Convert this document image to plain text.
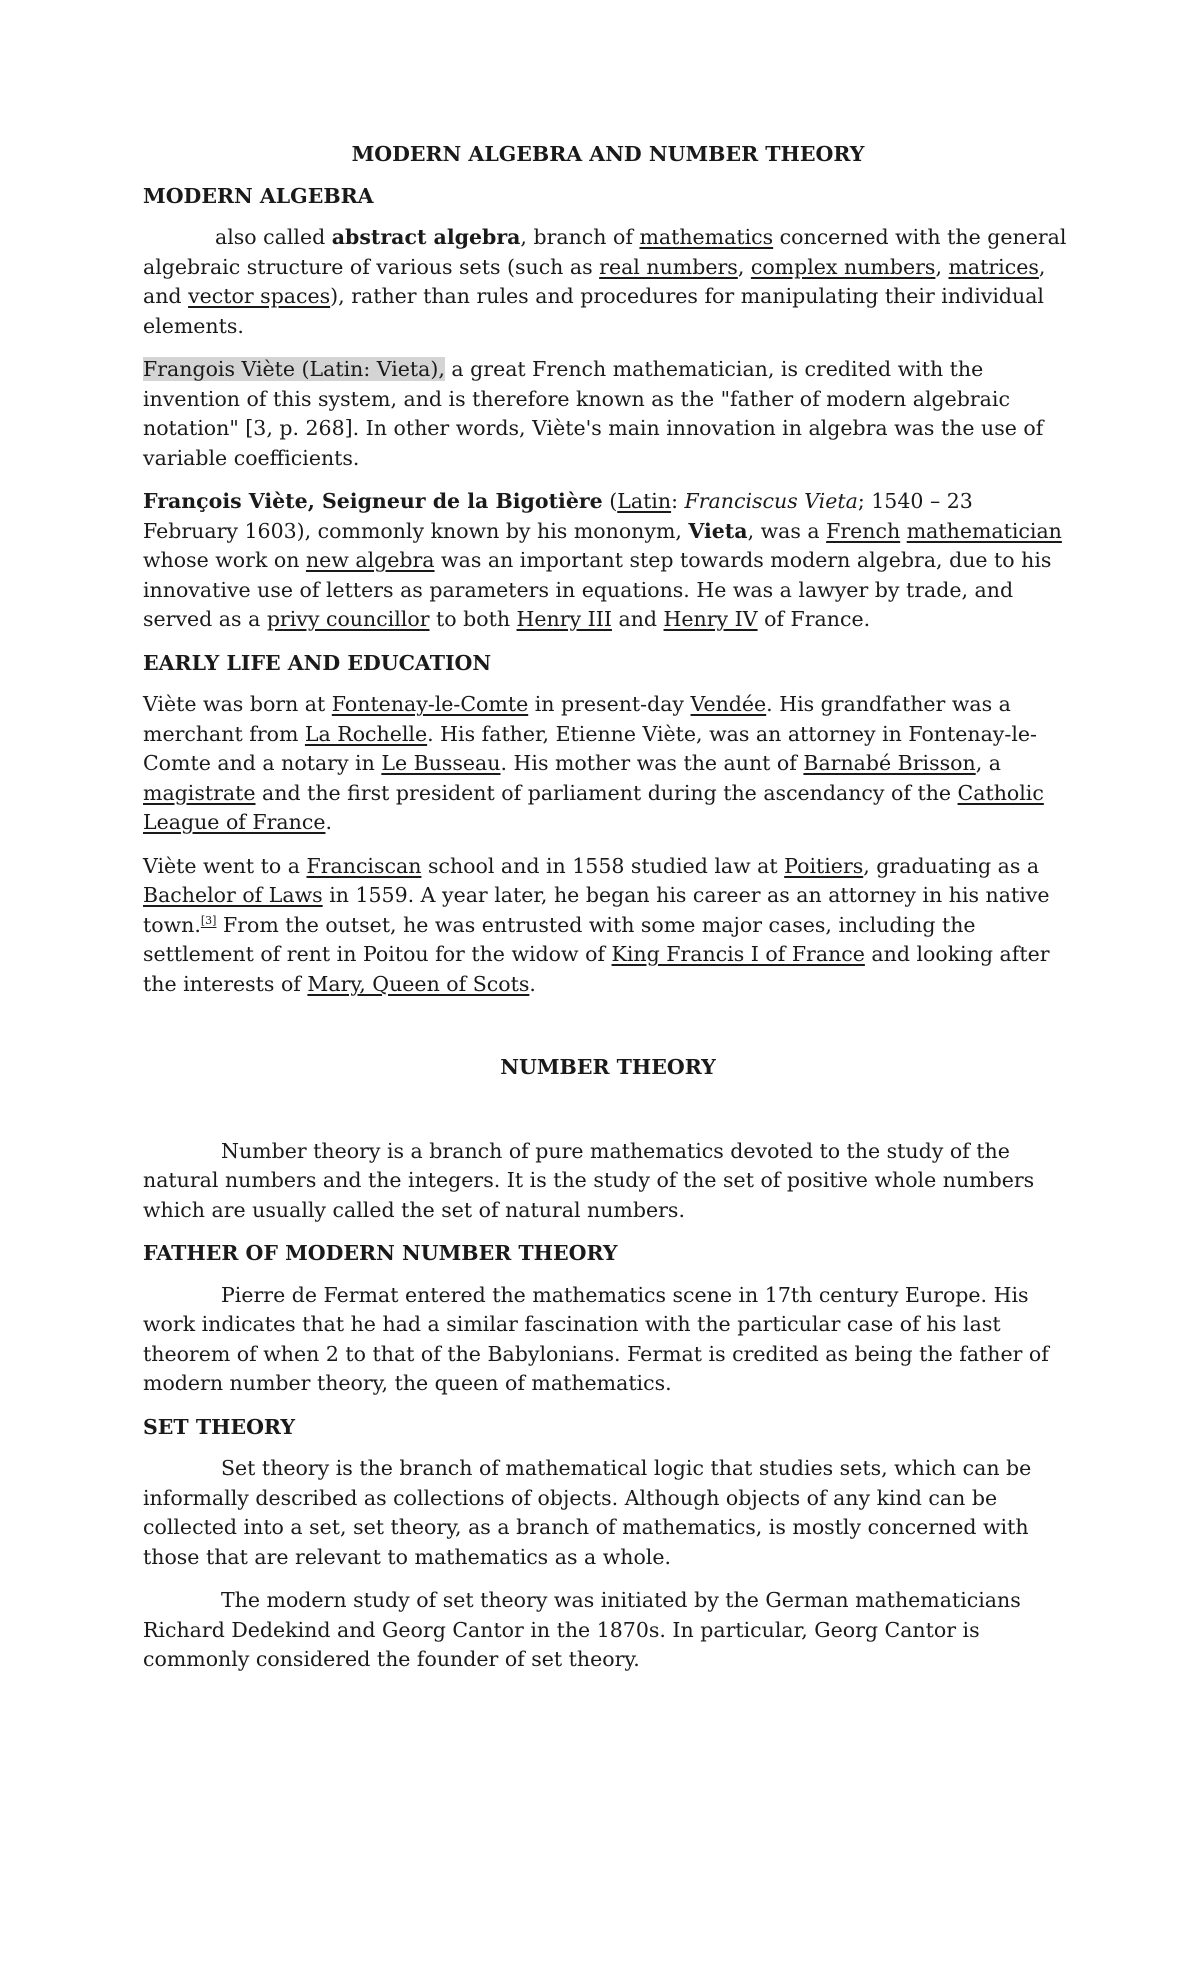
MODERN ALGEBRA AND NUMBER THEORY
MODERN ALGEBRA

also called abstract algebra, branch of mathematics concerned with the general algebraic structure of various sets (such as real numbers, complex numbers, matrices, and vector spaces), rather than rules and procedures for manipulating their individual elements.

Frangois Viète (Latin: Vieta), a great French mathematician, is credited with the invention of this system, and is therefore known as the "father of modern algebraic notation" [3, p. 268]. In other words, Viète's main innovation in algebra was the use of variable coefficients.

François Viète, Seigneur de la Bigotière (Latin: Franciscus Vieta; 1540 – 23 February 1603), commonly known by his mononym, Vieta, was a French mathematician whose work on new algebra was an important step towards modern algebra, due to his innovative use of letters as parameters in equations. He was a lawyer by trade, and served as a privy councillor to both Henry III and Henry IV of France.

EARLY LIFE AND EDUCATION

Viète was born at Fontenay-le-Comte in present-day Vendée. His grandfather was a merchant from La Rochelle. His father, Etienne Viète, was an attorney in Fontenay-le-Comte and a notary in Le Busseau. His mother was the aunt of Barnabé Brisson, a magistrate and the first president of parliament during the ascendancy of the Catholic League of France.

Viète went to a Franciscan school and in 1558 studied law at Poitiers, graduating as a Bachelor of Laws in 1559. A year later, he began his career as an attorney in his native town.[3] From the outset, he was entrusted with some major cases, including the settlement of rent in Poitou for the widow of King Francis I of France and looking after the interests of Mary, Queen of Scots.

NUMBER THEORY

Number theory is a branch of pure mathematics devoted to the study of the natural numbers and the integers. It is the study of the set of positive whole numbers which are usually called the set of natural numbers.

FATHER OF MODERN NUMBER THEORY

Pierre de Fermat entered the mathematics scene in 17th century Europe. His work indicates that he had a similar fascination with the particular case of his last theorem of when 2 to that of the Babylonians. Fermat is credited as being the father of modern number theory, the queen of mathematics.

SET THEORY

Set theory is the branch of mathematical logic that studies sets, which can be informally described as collections of objects. Although objects of any kind can be collected into a set, set theory, as a branch of mathematics, is mostly concerned with those that are relevant to mathematics as a whole.

The modern study of set theory was initiated by the German mathematicians Richard Dedekind and Georg Cantor in the 1870s. In particular, Georg Cantor is commonly considered the founder of set theory.
